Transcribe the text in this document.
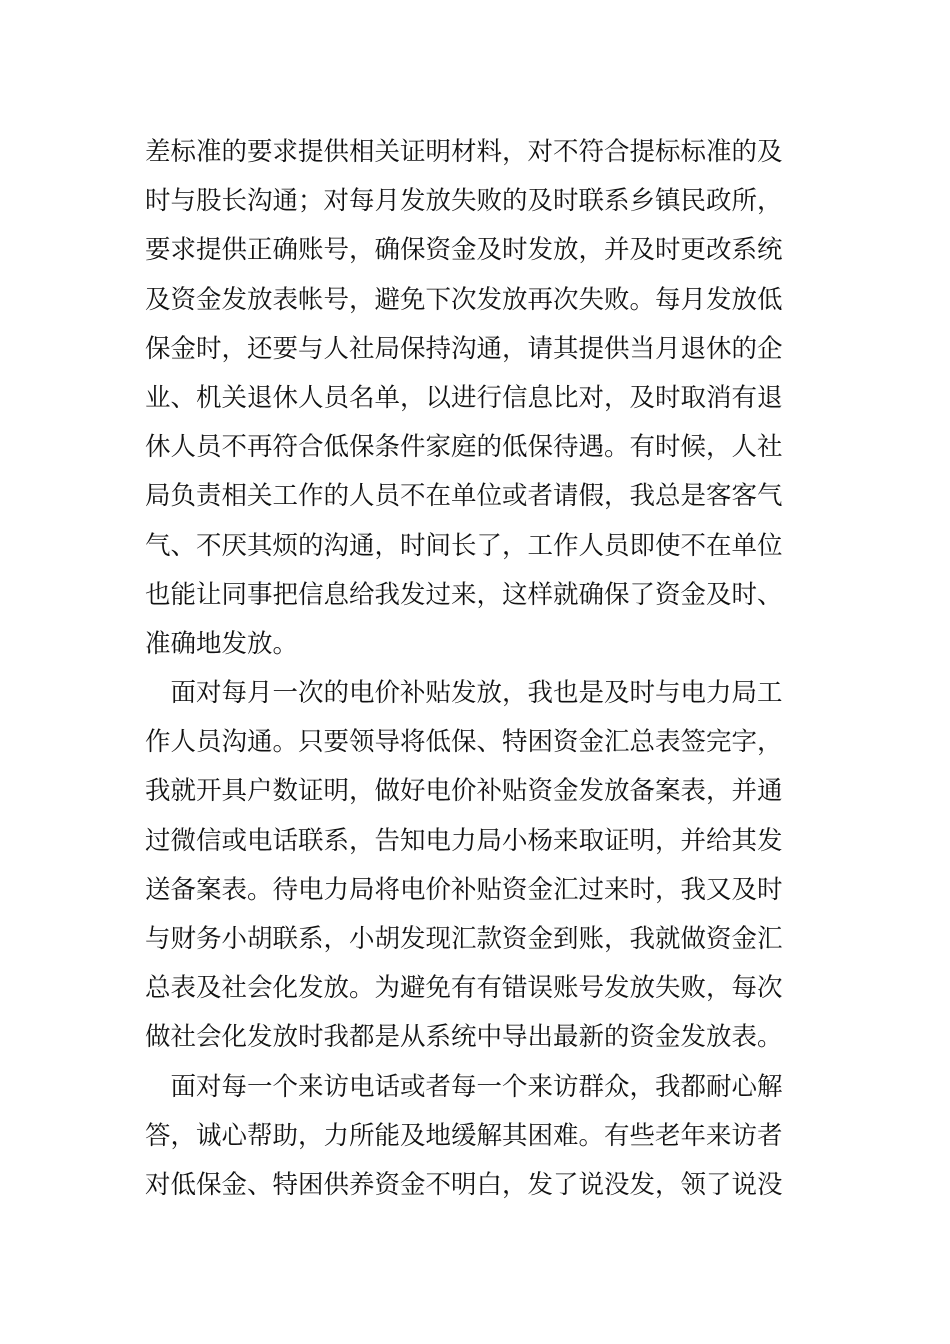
差标准的要求提供相关证明材料，对不符合提标标准的及
时与股长沟通；对每月发放失败的及时联系乡镇民政所，
要求提供正确账号，确保资金及时发放，并及时更改系统
及资金发放表帐号，避免下次发放再次失败。每月发放低
保金时，还要与人社局保持沟通，请其提供当月退休的企
业、机关退休人员名单，以进行信息比对，及时取消有退
休人员不再符合低保条件家庭的低保待遇。有时候，人社
局负责相关工作的人员不在单位或者请假，我总是客客气
气、不厌其烦的沟通，时间长了，工作人员即使不在单位
也能让同事把信息给我发过来，这样就确保了资金及时、
准确地发放。
　面对每月一次的电价补贴发放，我也是及时与电力局工
作人员沟通。只要领导将低保、特困资金汇总表签完字，
我就开具户数证明，做好电价补贴资金发放备案表，并通
过微信或电话联系，告知电力局小杨来取证明，并给其发
送备案表。待电力局将电价补贴资金汇过来时，我又及时
与财务小胡联系，小胡发现汇款资金到账，我就做资金汇
总表及社会化发放。为避免有有错误账号发放失败，每次
做社会化发放时我都是从系统中导出最新的资金发放表。
　面对每一个来访电话或者每一个来访群众，我都耐心解
答，诚心帮助，力所能及地缓解其困难。有些老年来访者
对低保金、特困供养资金不明白，发了说没发，领了说没
